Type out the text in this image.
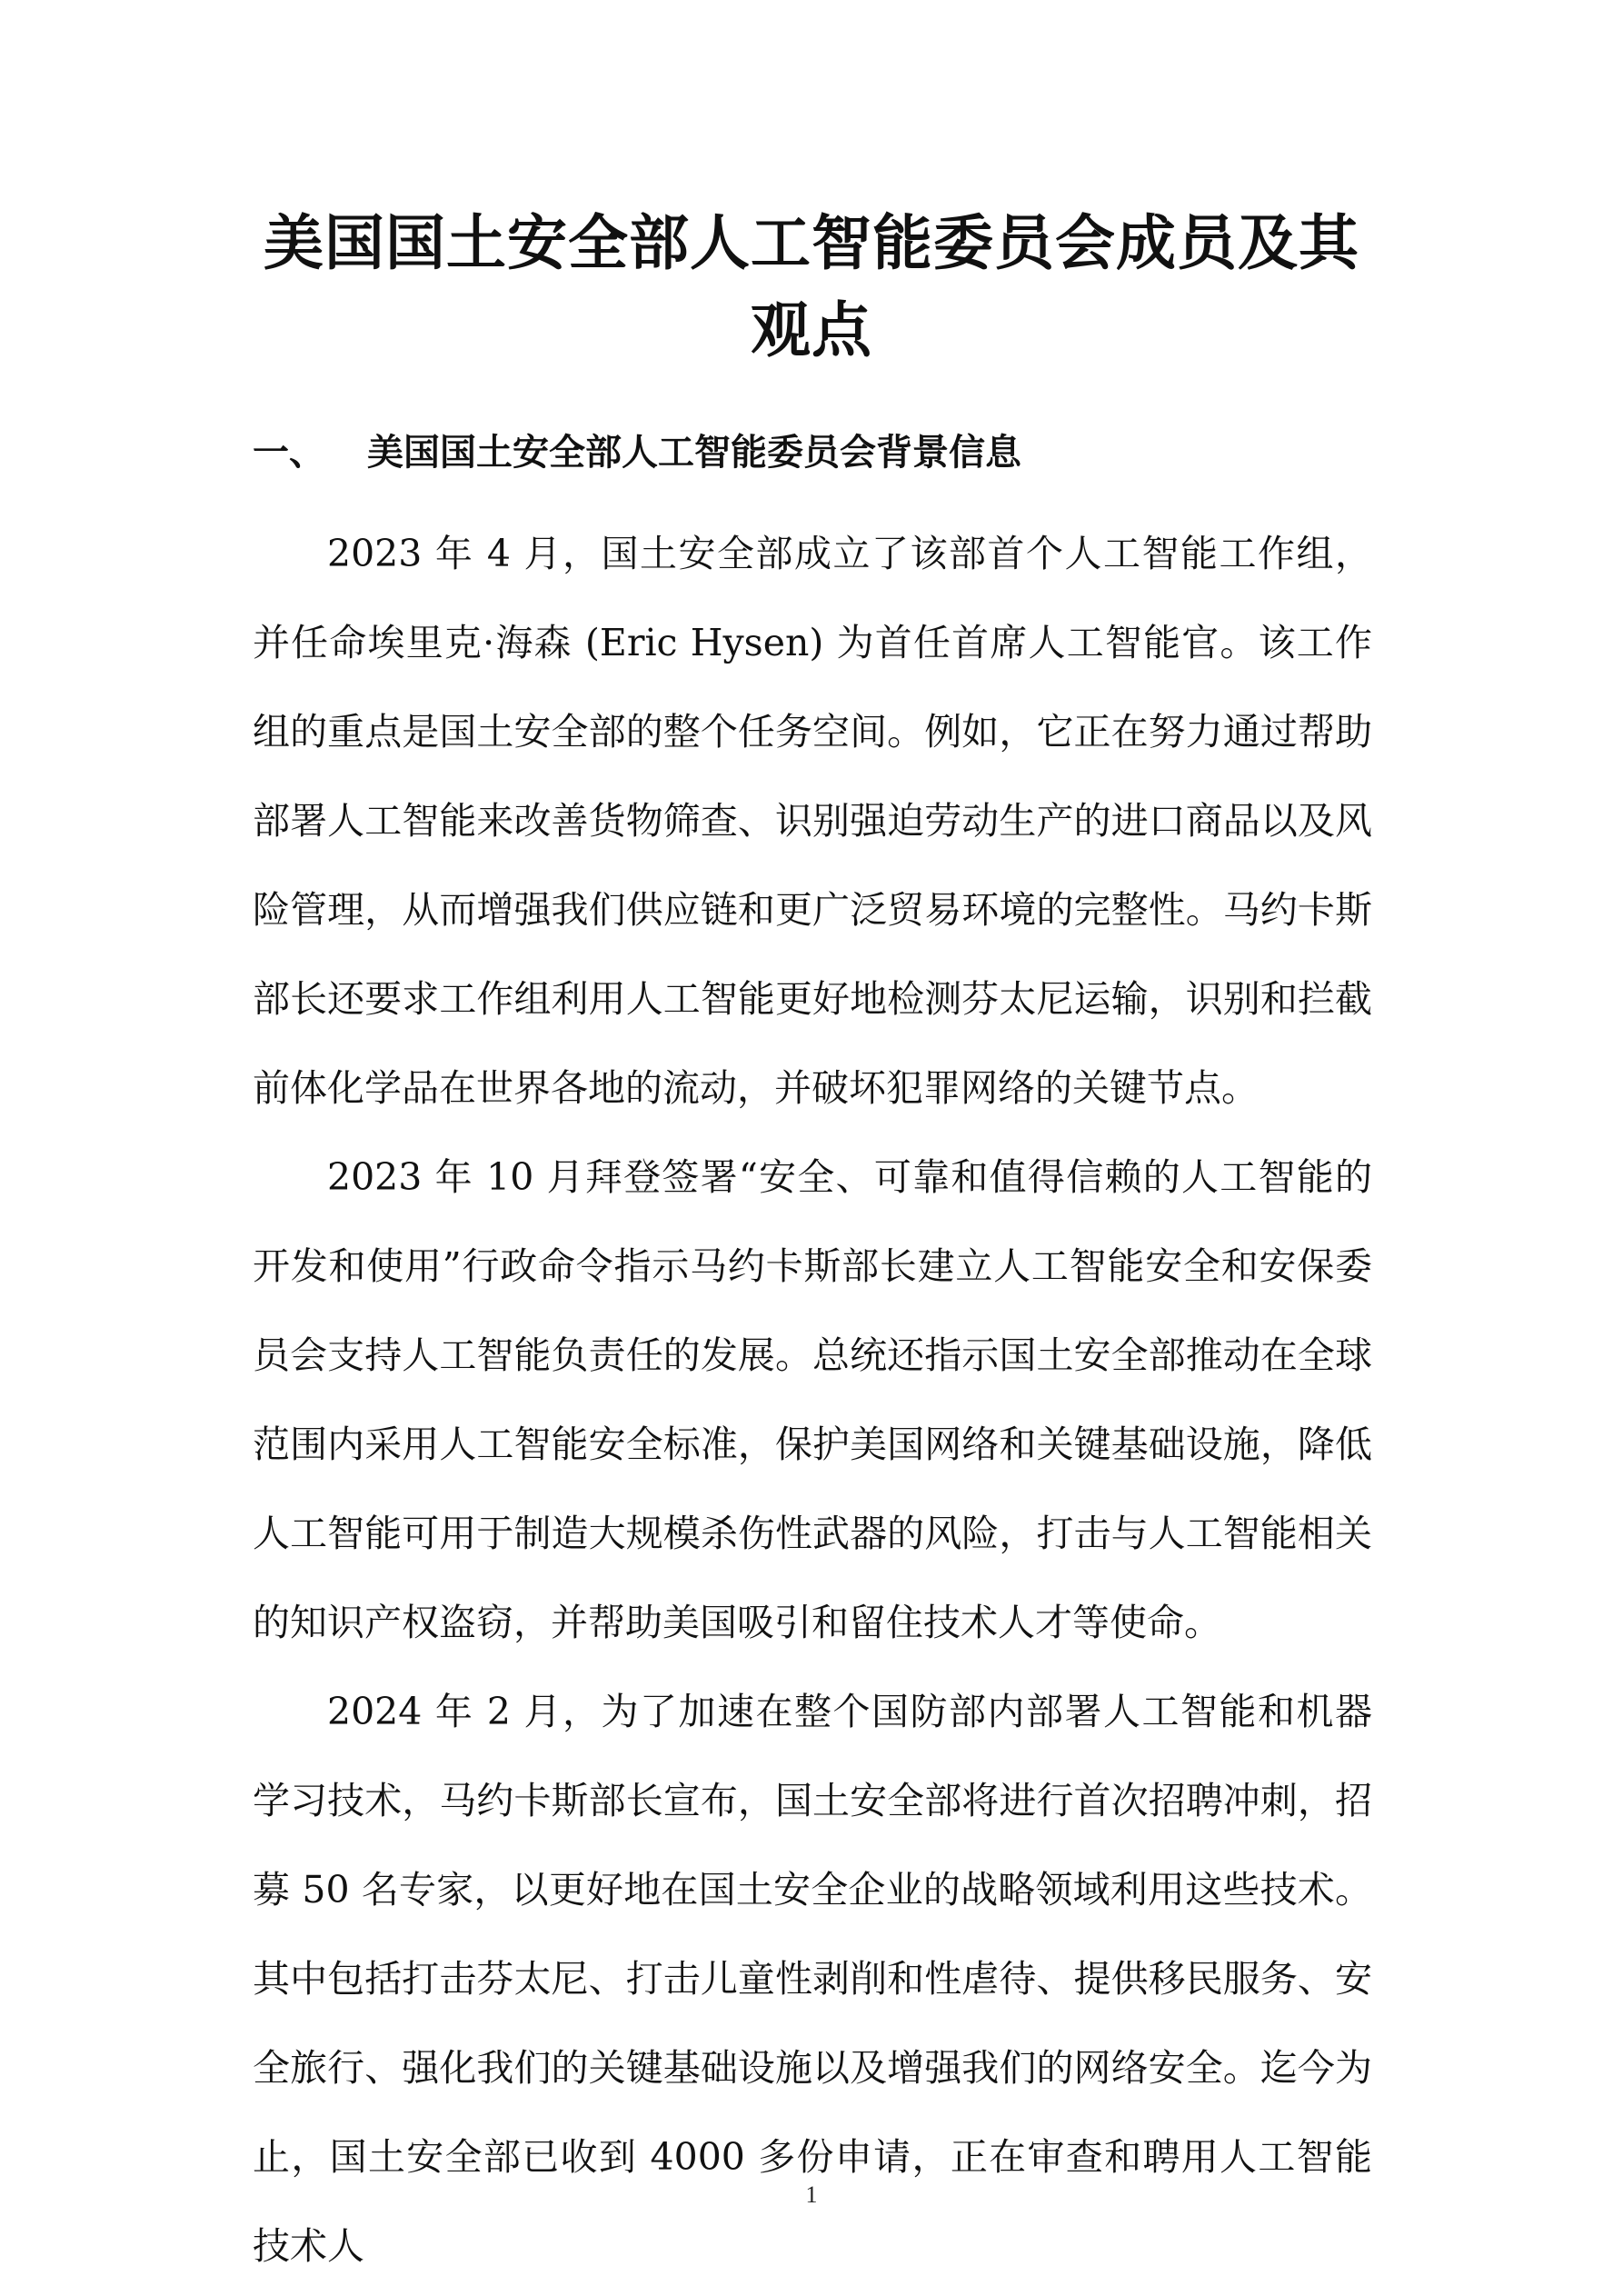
美国国土安全部人工智能委员会成员及其观点
一、 美国国土安全部人工智能委员会背景信息

2023 年 4 月，国土安全部成立了该部首个人工智能工作组，并任命埃里克·海森 (Eric Hysen) 为首任首席人工智能官。该工作组的重点是国土安全部的整个任务空间。例如，它正在努力通过帮助部署人工智能来改善货物筛查、识别强迫劳动生产的进口商品以及风险管理，从而增强我们供应链和更广泛贸易环境的完整性。马约卡斯部长还要求工作组利用人工智能更好地检测芬太尼运输，识别和拦截前体化学品在世界各地的流动，并破坏犯罪网络的关键节点。

2023 年 10 月拜登签署“安全、可靠和值得信赖的人工智能的开发和使用”行政命令指示马约卡斯部长建立人工智能安全和安保委员会支持人工智能负责任的发展。总统还指示国土安全部推动在全球范围内采用人工智能安全标准，保护美国网络和关键基础设施，降低人工智能可用于制造大规模杀伤性武器的风险，打击与人工智能相关的知识产权盗窃，并帮助美国吸引和留住技术人才等使命。

2024 年 2 月，为了加速在整个国防部内部署人工智能和机器学习技术，马约卡斯部长宣布，国土安全部将进行首次招聘冲刺，招募 50 名专家，以更好地在国土安全企业的战略领域利用这些技术。其中包括打击芬太尼、打击儿童性剥削和性虐待、提供移民服务、安全旅行、强化我们的关键基础设施以及增强我们的网络安全。迄今为止，国土安全部已收到 4000 多份申请，正在审查和聘用人工智能技术人

1
